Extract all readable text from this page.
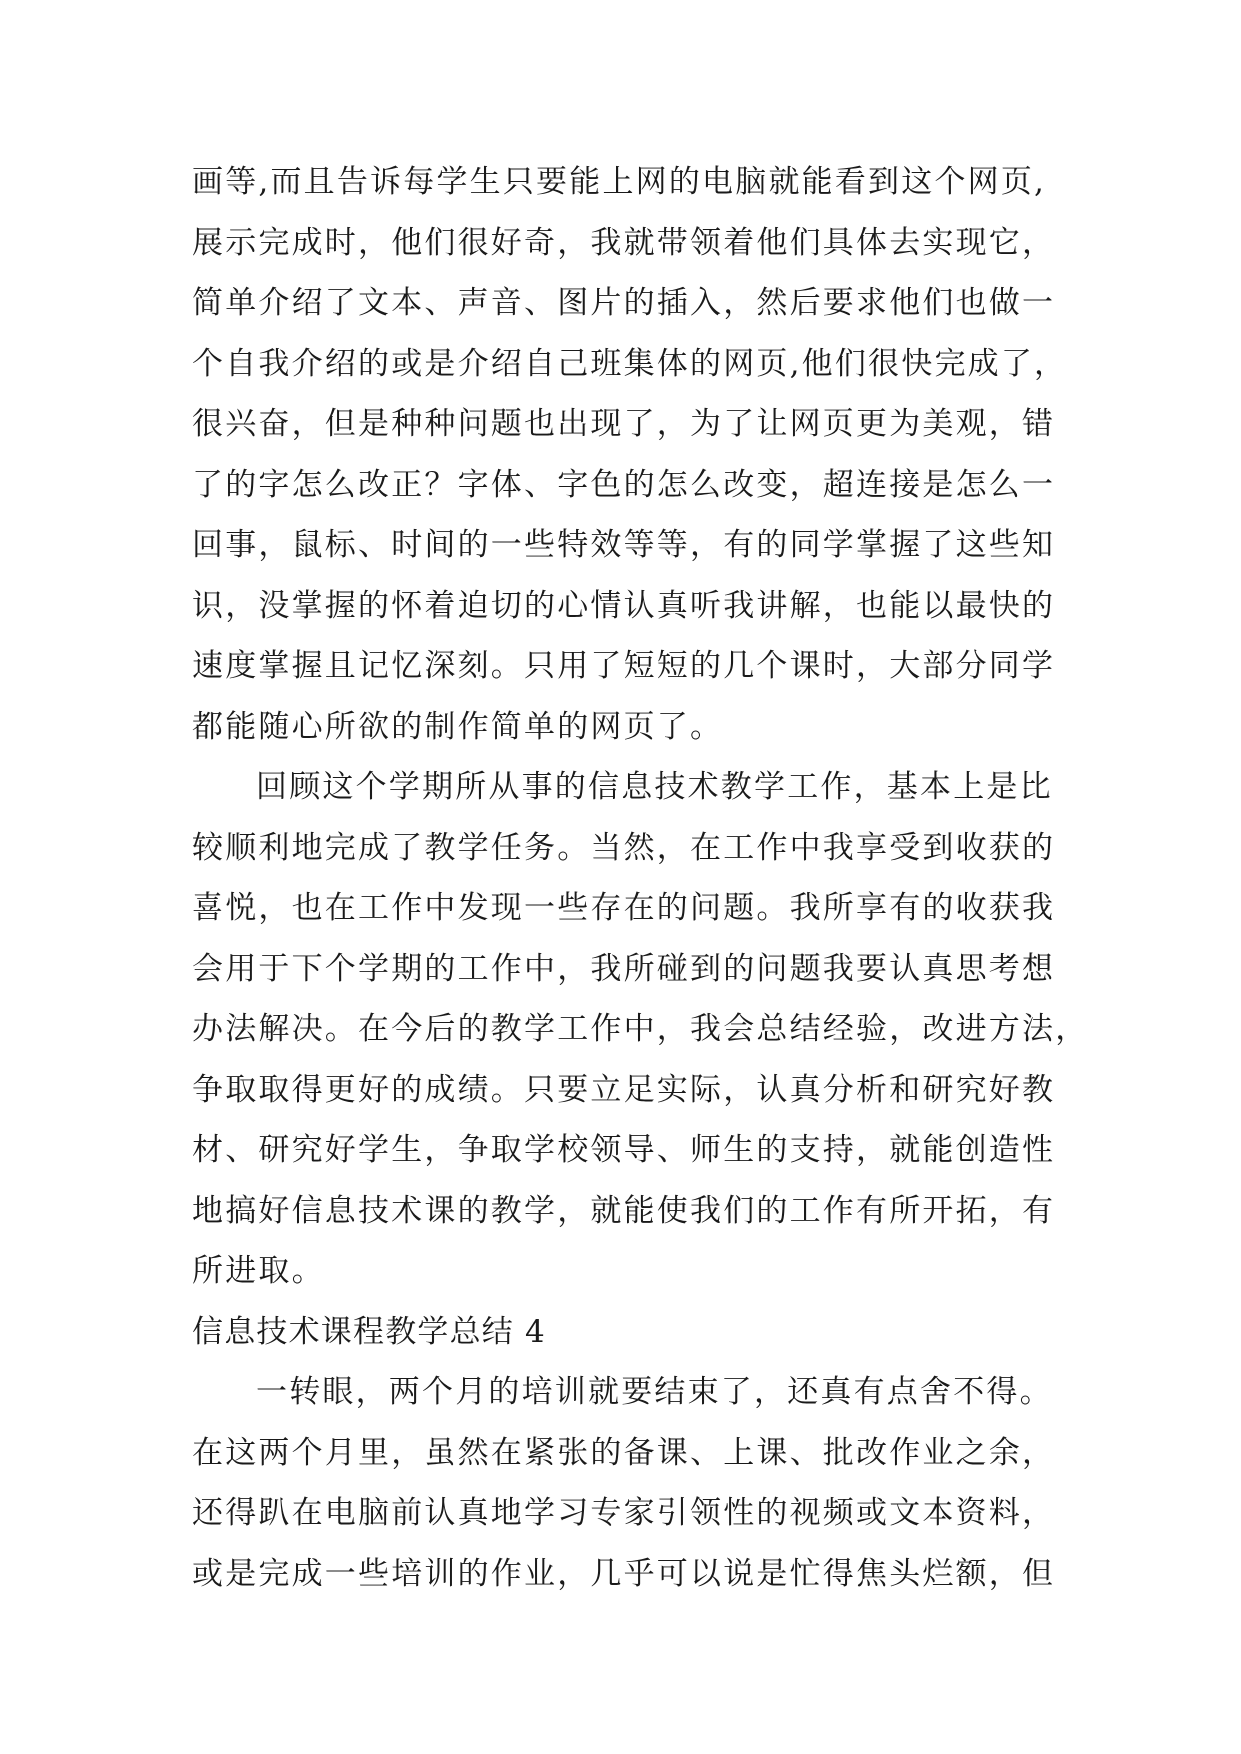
画等,而且告诉每学生只要能上网的电脑就能看到这个网页,
展示完成时，他们很好奇，我就带领着他们具体去实现它，
简单介绍了文本、声音、图片的插入，然后要求他们也做一
个自我介绍的或是介绍自己班集体的网页,他们很快完成了，
很兴奋，但是种种问题也出现了，为了让网页更为美观，错
了的字怎么改正？字体、字色的怎么改变，超连接是怎么一
回事，鼠标、时间的一些特效等等，有的同学掌握了这些知
识，没掌握的怀着迫切的心情认真听我讲解，也能以最快的
速度掌握且记忆深刻。只用了短短的几个课时，大部分同学
都能随心所欲的制作简单的网页了。
回顾这个学期所从事的信息技术教学工作，基本上是比
较顺利地完成了教学任务。当然，在工作中我享受到收获的
喜悦，也在工作中发现一些存在的问题。我所享有的收获我
会用于下个学期的工作中，我所碰到的问题我要认真思考想
办法解决。在今后的教学工作中，我会总结经验，改进方法，
争取取得更好的成绩。只要立足实际，认真分析和研究好教
材、研究好学生，争取学校领导、师生的支持，就能创造性
地搞好信息技术课的教学，就能使我们的工作有所开拓，有
所进取。
信息技术课程教学总结 4
一转眼，两个月的培训就要结束了，还真有点舍不得。
在这两个月里，虽然在紧张的备课、上课、批改作业之余，
还得趴在电脑前认真地学习专家引领性的视频或文本资料，
或是完成一些培训的作业，几乎可以说是忙得焦头烂额，但
